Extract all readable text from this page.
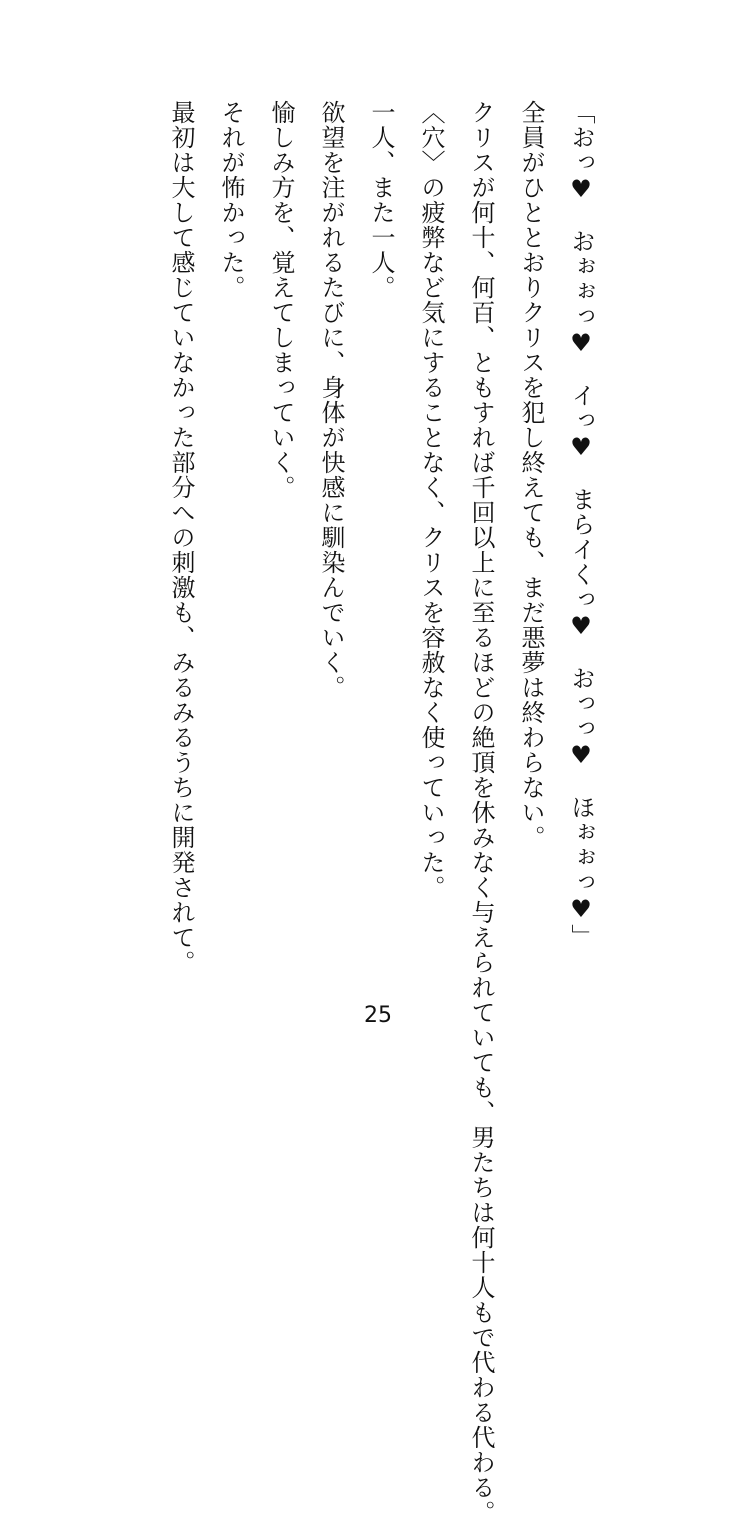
「おっ♥　おぉぉっ♥　イっ♥　まらイくっ♥　おっっ♥　ほぉぉっ♥」
全員がひととおりクリスを犯し終えても、まだ悪夢は終わらない。
クリスが何十、何百、ともすれば千回以上に至るほどの絶頂を休みなく与えられていても、男たちは何十人もで代わる代わる。
〈穴〉の疲弊など気にすることなく、クリスを容赦なく使っていった。
一人、また一人。
欲望を注がれるたびに、身体が快感に馴染んでいく。
愉しみ方を、覚えてしまっていく。
それが怖かった。
最初は大して感じていなかった部分への刺激も、みるみるうちに開発されて。
25
